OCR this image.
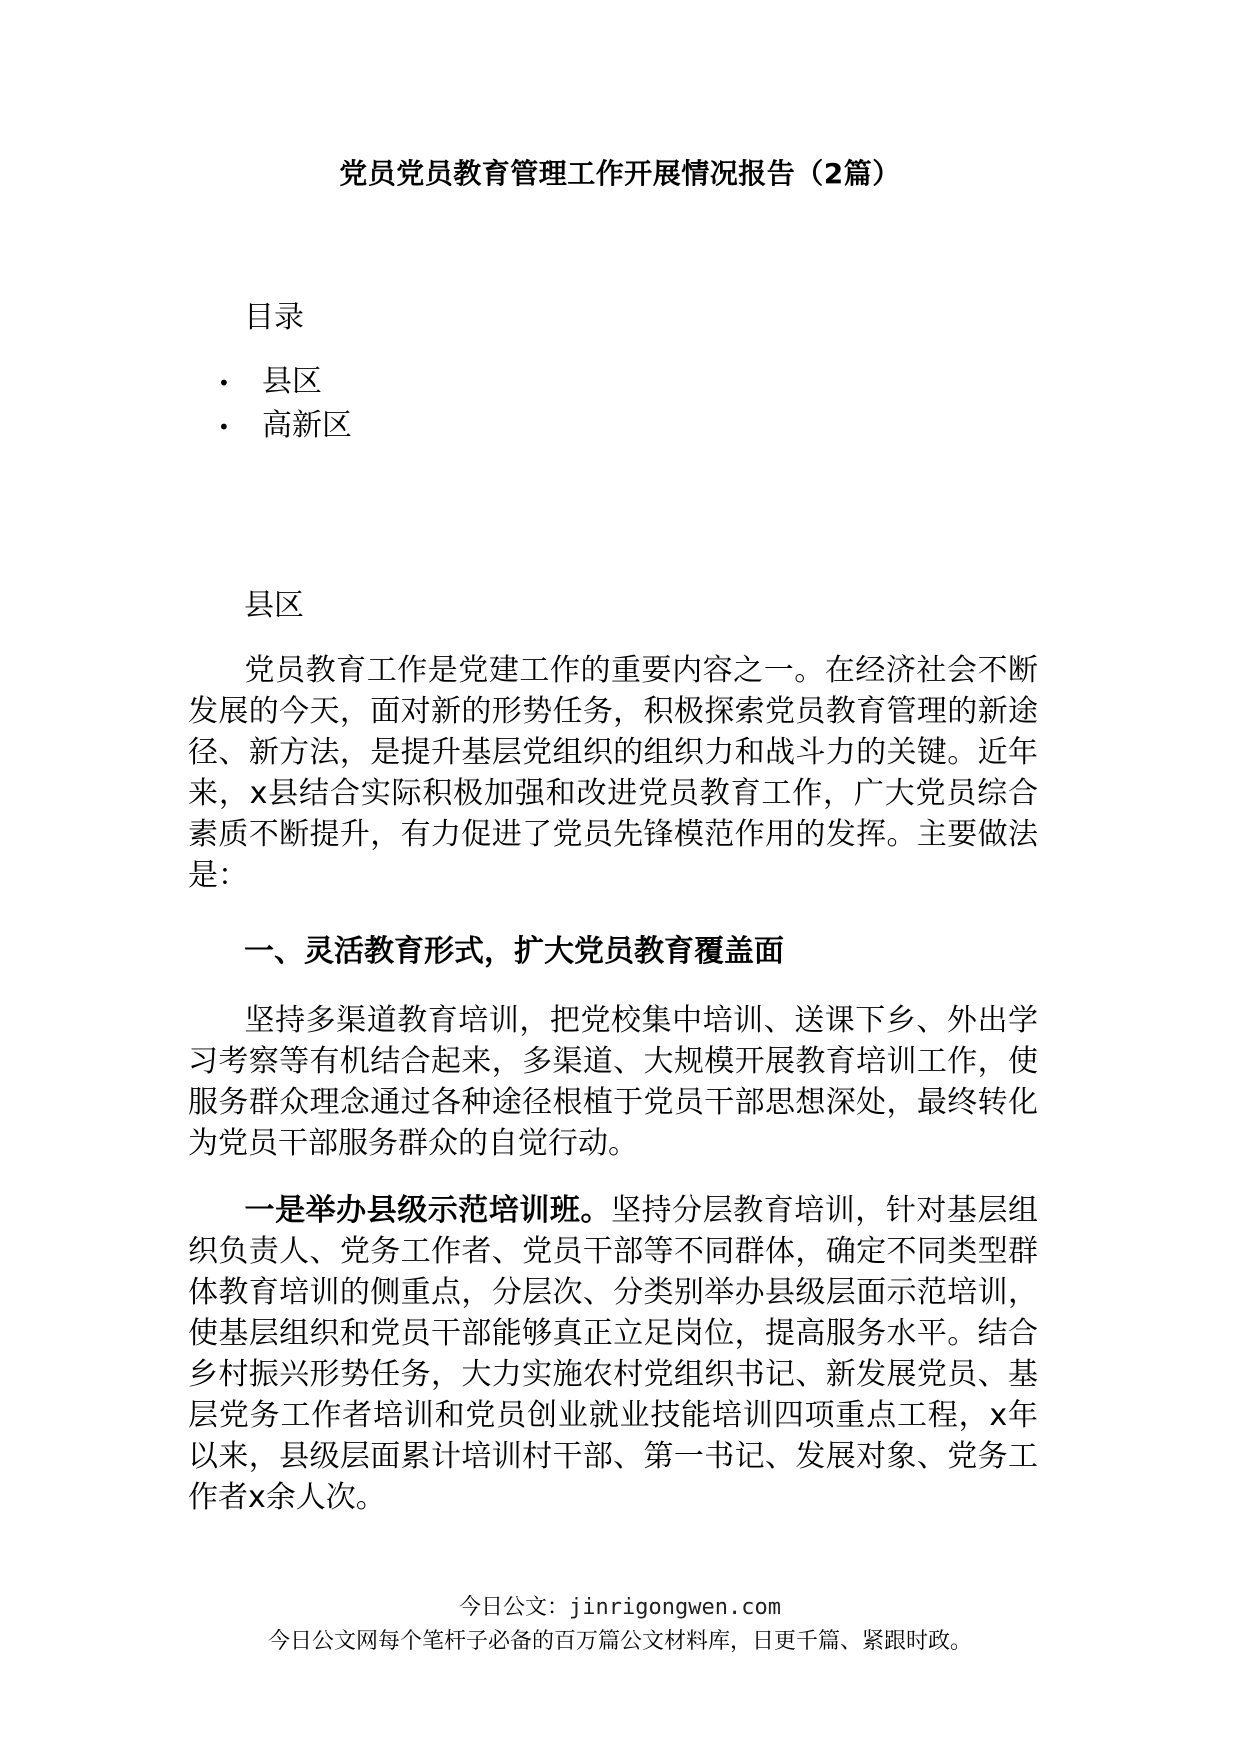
党员党员教育管理工作开展情况报告（2篇）
目录
• 县区
• 高新区
县区

党员教育工作是党建工作的重要内容之一。在经济社会不断发展的今天，面对新的形势任务，积极探索党员教育管理的新途径、新方法，是提升基层党组织的组织力和战斗力的关键。近年来，x县结合实际积极加强和改进党员教育工作，广大党员综合素质不断提升，有力促进了党员先锋模范作用的发挥。主要做法是：

一、灵活教育形式，扩大党员教育覆盖面

坚持多渠道教育培训，把党校集中培训、送课下乡、外出学习考察等有机结合起来，多渠道、大规模开展教育培训工作，使服务群众理念通过各种途径根植于党员干部思想深处，最终转化为党员干部服务群众的自觉行动。

一是举办县级示范培训班。坚持分层教育培训，针对基层组织负责人、党务工作者、党员干部等不同群体，确定不同类型群体教育培训的侧重点，分层次、分类别举办县级层面示范培训，使基层组织和党员干部能够真正立足岗位，提高服务水平。结合乡村振兴形势任务，大力实施农村党组织书记、新发展党员、基层党务工作者培训和党员创业就业技能培训四项重点工程，x年以来，县级层面累计培训村干部、第一书记、发展对象、党务工作者x余人次。

今日公文：jinrigongwen.com
今日公文网每个笔杆子必备的百万篇公文材料库，日更千篇、紧跟时政。
